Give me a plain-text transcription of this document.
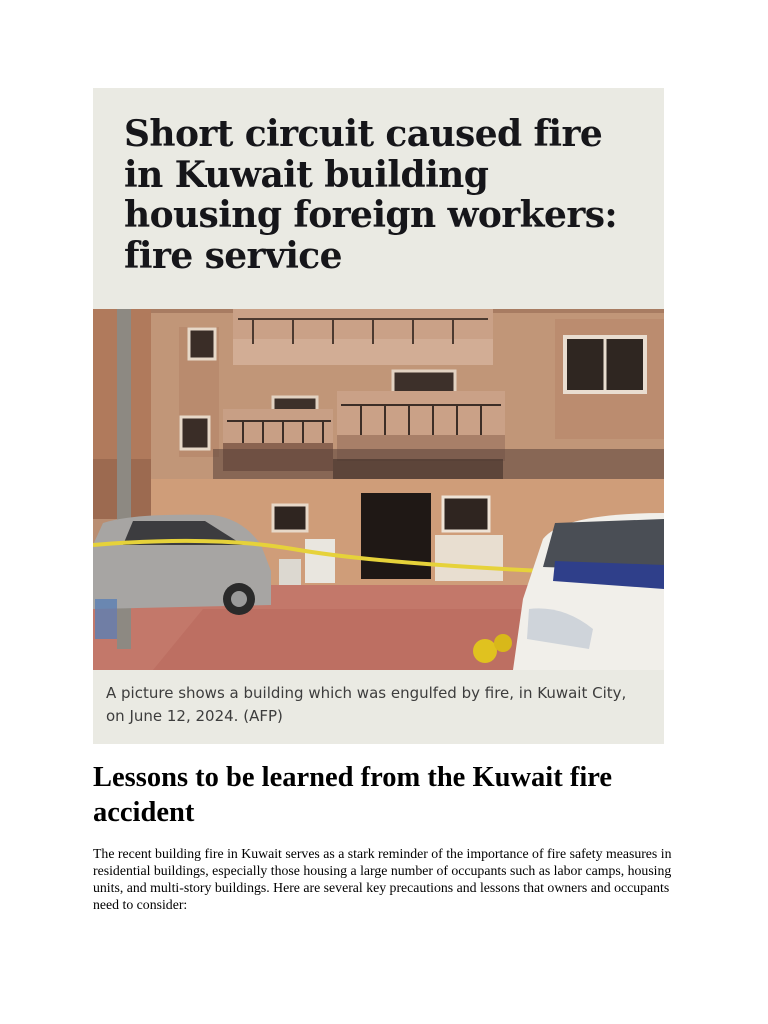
Short circuit caused fire in Kuwait building housing foreign workers: fire service

A picture shows a building which was engulfed by fire, in Kuwait City, on June 12, 2024. (AFP)

Lessons to be learned from the Kuwait fire accident

The recent building fire in Kuwait serves as a stark reminder of the importance of fire safety measures in residential buildings, especially those housing a large number of occupants such as labor camps, housing units, and multi-story buildings. Here are several key precautions and lessons that owners and occupants need to consider:
